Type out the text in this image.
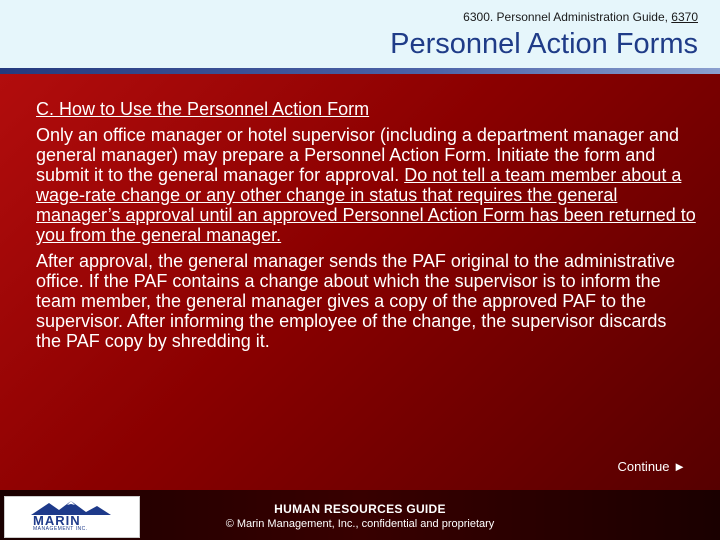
6300. Personnel Administration Guide, 6370
Personnel Action Forms

C. How to Use the Personnel Action Form

Only an office manager or hotel supervisor (including a department manager and general manager) may prepare a Personnel Action Form. Initiate the form and submit it to the general manager for approval. Do not tell a team member about a wage-rate change or any other change in status that requires the general manager’s approval until an approved Personnel Action Form has been returned to you from the general manager.

After approval, the general manager sends the PAF original to the administrative office. If the PAF contains a change about which the supervisor is to inform the team member, the general manager gives a copy of the approved PAF to the supervisor. After informing the employee of the change, the supervisor discards the PAF copy by shredding it.

Continue ►
MARIN
MANAGEMENT INC.
HUMAN RESOURCES GUIDE
© Marin Management, Inc., confidential and proprietary
